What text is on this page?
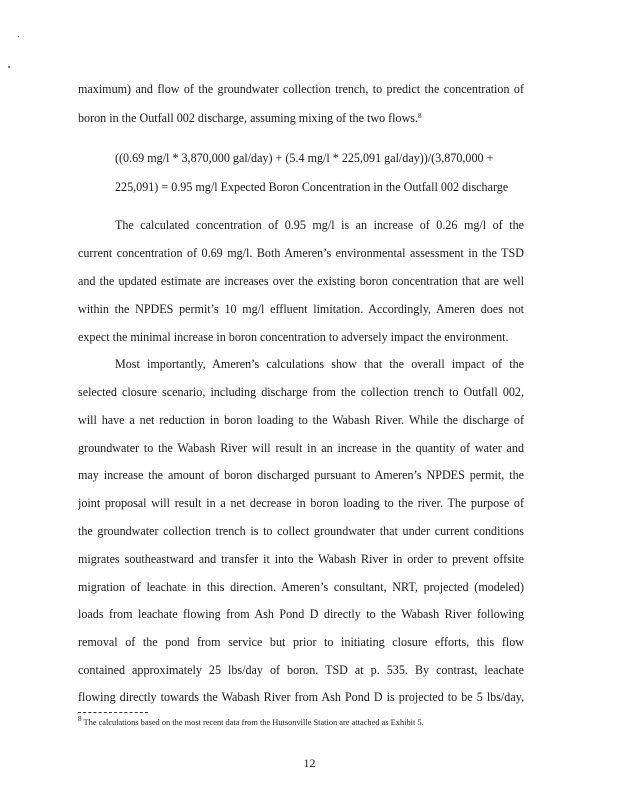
maximum) and flow of the groundwater collection trench, to predict the concentration of
boron in the Outfall 002 discharge, assuming mixing of the two flows.$^8$
((0.69 mg/l * 3,870,000 gal/day) + (5.4 mg/l * 225,091 gal/day))/(3,870,000 +
225,091) = 0.95 mg/l Expected Boron Concentration in the Outfall 002 discharge
The calculated concentration of 0.95 mg/l is an increase of 0.26 mg/l of the
current concentration of 0.69 mg/l. Both Ameren’s environmental assessment in the TSD
and the updated estimate are increases over the existing boron concentration that are well
within the NPDES permit’s 10 mg/l effluent limitation. Accordingly, Ameren does not
expect the minimal increase in boron concentration to adversely impact the environment.
Most importantly, Ameren’s calculations show that the overall impact of the
selected closure scenario, including discharge from the collection trench to Outfall 002,
will have a net reduction in boron loading to the Wabash River. While the discharge of
groundwater to the Wabash River will result in an increase in the quantity of water and
may increase the amount of boron discharged pursuant to Ameren’s NPDES permit, the
joint proposal will result in a net decrease in boron loading to the river. The purpose of
the groundwater collection trench is to collect groundwater that under current conditions
migrates southeastward and transfer it into the Wabash River in order to prevent offsite
migration of leachate in this direction. Ameren’s consultant, NRT, projected (modeled)
loads from leachate flowing from Ash Pond D directly to the Wabash River following
removal of the pond from service but prior to initiating closure efforts, this flow
contained approximately 25 lbs/day of boron. TSD at p. 535. By contrast, leachate
flowing directly towards the Wabash River from Ash Pond D is projected to be 5 lbs/day,
$^8$ The calculations based on the most recent data from the Hutsonville Station are attached as Exhibit 5.
12
